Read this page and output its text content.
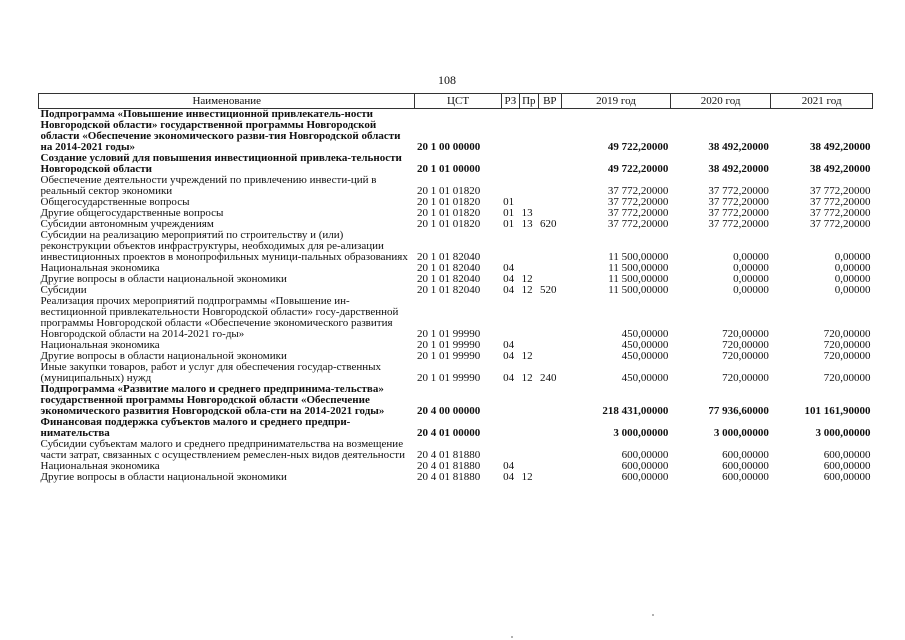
108
Наименование	ЦСТ	РЗ	Пр	ВР	2019 год	2020 год	2021 год
Подпрограмма «Повышение инвестиционной привлекатель-ности Новгородской области» государственной программы Новгородской области «Обеспечение экономического разви-тия Новгородской области на 2014-2021 годы»	20 1 00 00000				49 722,20000	38 492,20000	38 492,20000
Создание условий для повышения инвестиционной привлека-тельности Новгородской области	20 1 01 00000				49 722,20000	38 492,20000	38 492,20000
Обеспечение деятельности учреждений по привлечению инвести-ций в реальный сектор экономики	20 1 01 01820				37 772,20000	37 772,20000	37 772,20000
Общегосударственные вопросы	20 1 01 01820	01			37 772,20000	37 772,20000	37 772,20000
Другие общегосударственные вопросы	20 1 01 01820	01	13		37 772,20000	37 772,20000	37 772,20000
Субсидии автономным учреждениям	20 1 01 01820	01	13	620	37 772,20000	37 772,20000	37 772,20000
Субсидии на реализацию мероприятий по строительству и (или) реконструкции объектов инфраструктуры, необходимых для ре-ализации инвестиционных проектов в монопрофильных муници-пальных образованиях	20 1 01 82040				11 500,00000	0,00000	0,00000
Национальная экономика	20 1 01 82040	04			11 500,00000	0,00000	0,00000
Другие вопросы в области национальной экономики	20 1 01 82040	04	12		11 500,00000	0,00000	0,00000
Субсидии	20 1 01 82040	04	12	520	11 500,00000	0,00000	0,00000
Реализация прочих мероприятий подпрограммы «Повышение ин-вестиционной привлекательности Новгородской области» госу-дарственной программы Новгородской области «Обеспечение экономического развития Новгородской области на 2014-2021 го-ды»	20 1 01 99990				450,00000	720,00000	720,00000
Национальная экономика	20 1 01 99990	04			450,00000	720,00000	720,00000
Другие вопросы в области национальной экономики	20 1 01 99990	04	12		450,00000	720,00000	720,00000
Иные закупки товаров, работ и услуг для обеспечения государ-ственных (муниципальных) нужд	20 1 01 99990	04	12	240	450,00000	720,00000	720,00000
Подпрограмма «Развитие малого и среднего предпринима-тельства» государственной программы Новгородской области «Обеспечение экономического развития Новгородской обла-сти на 2014-2021 годы»	20 4 00 00000				218 431,00000	77 936,60000	101 161,90000
Финансовая поддержка субъектов малого и среднего предпри-нимательства	20 4 01 00000				3 000,00000	3 000,00000	3 000,00000
Субсидии субъектам малого и среднего предпринимательства на возмещение части затрат, связанных с осуществлением ремеслен-ных видов деятельности	20 4 01 81880				600,00000	600,00000	600,00000
Национальная экономика	20 4 01 81880	04			600,00000	600,00000	600,00000
Другие вопросы в области национальной экономики	20 4 01 81880	04	12		600,00000	600,00000	600,00000
